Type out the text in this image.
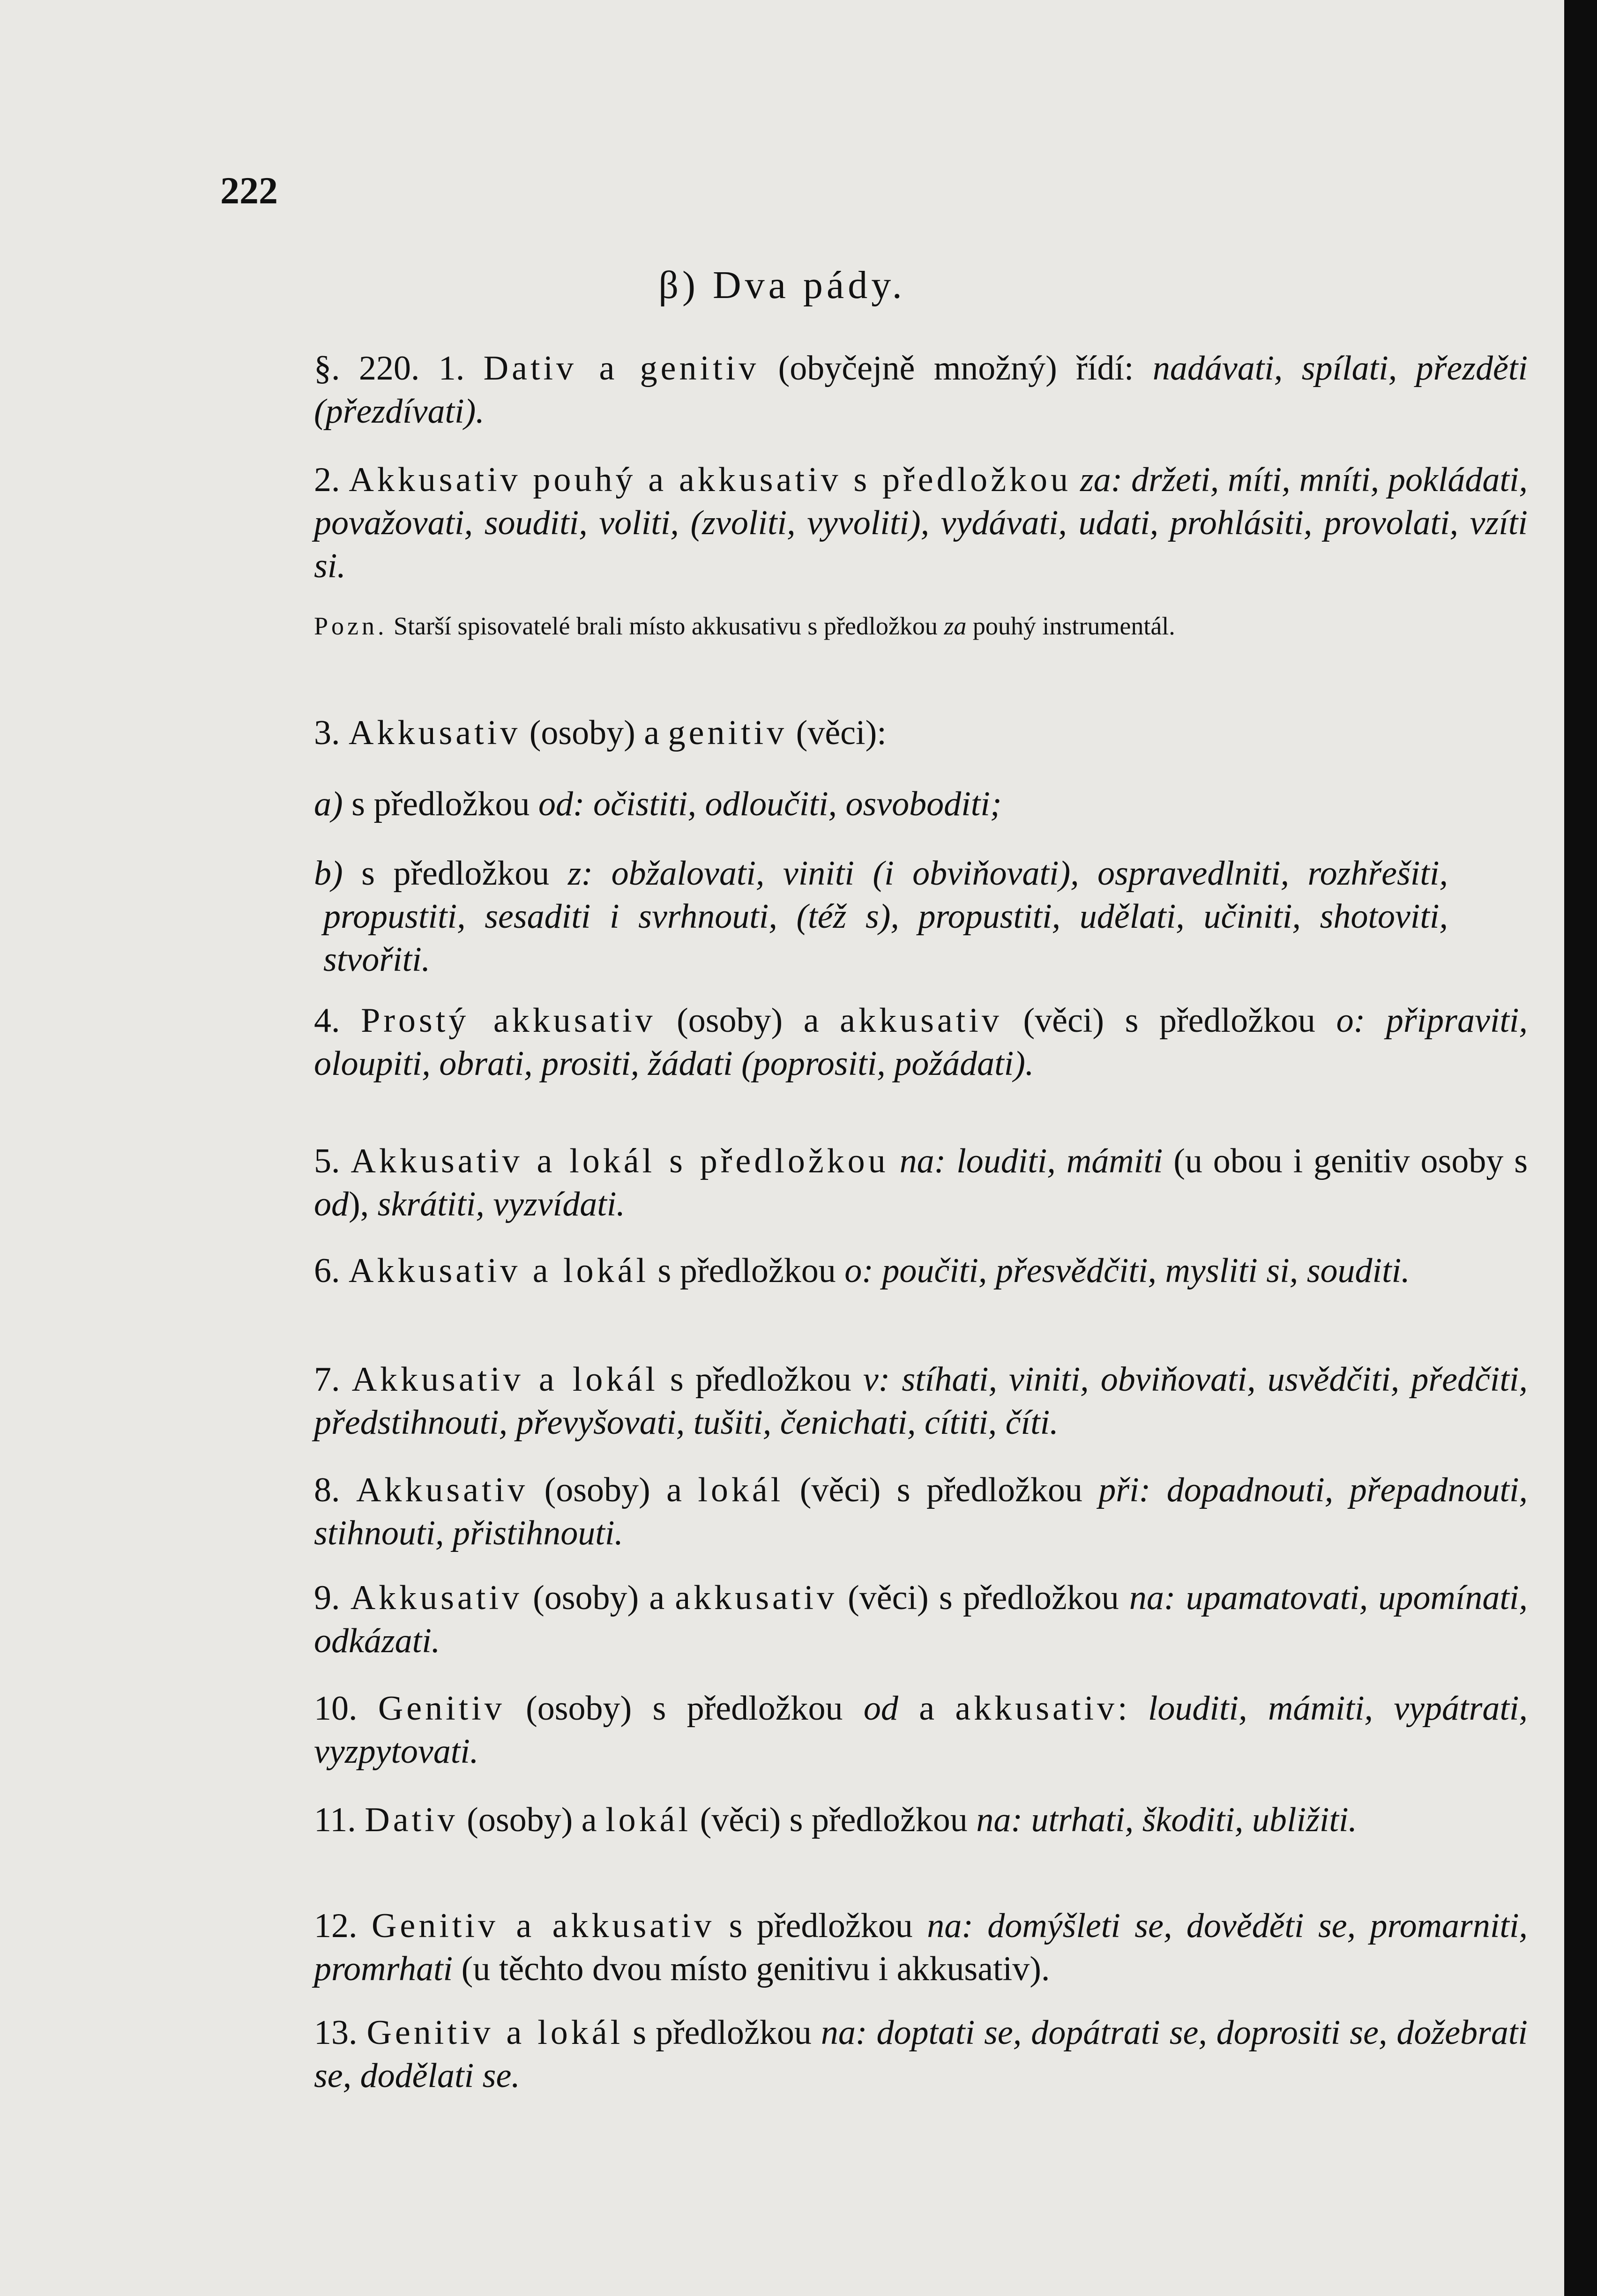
222
β) Dva pády.
§. 220. 1. Dativ a genitiv (obyčejně množný) řídí: nadávati, spílati, přezděti (přezdívati).
2. Akkusativ pouhý a akkusativ s předložkou za: držeti, míti, mníti, pokládati, považovati, souditi, voliti, (zvoliti, vyvoliti), vydávati, udati, prohlásiti, provolati, vzíti si.
Pozn. Starší spisovatelé brali místo akkusativu s předložkou za pouhý instrumentál.
3. Akkusativ (osoby) a genitiv (věci):
a) s předložkou od: očistiti, odloučiti, osvoboditi;
b) s předložkou z: obžalovati, viniti (i obviňovati), ospravedlniti, rozhřešiti, propustiti, sesaditi i svrhnouti, (též s), propustiti, udělati, učiniti, shotoviti, stvořiti.
4. Prostý akkusativ (osoby) a akkusativ (věci) s předložkou o: připraviti, oloupiti, obrati, prositi, žádati (poprositi, požádati).
5. Akkusativ a lokál s předložkou na: louditi, mámiti (u obou i genitiv osoby s od), skrátiti, vyzvídati.
6. Akkusativ a lokál s předložkou o: poučiti, přesvědčiti, mysliti si, souditi.
7. Akkusativ a lokál s předložkou v: stíhati, viniti, obviňovati, usvědčiti, předčiti, předstihnouti, převyšovati, tušiti, čenichati, cítiti, číti.
8. Akkusativ (osoby) a lokál (věci) s předložkou při: dopadnouti, přepadnouti, stihnouti, přistihnouti.
9. Akkusativ (osoby) a akkusativ (věci) s předložkou na: upamatovati, upomínati, odkázati.
10. Genitiv (osoby) s předložkou od a akkusativ: louditi, mámiti, vypátrati, vyzpytovati.
11. Dativ (osoby) a lokál (věci) s předložkou na: utrhati, škoditi, ubližiti.
12. Genitiv a akkusativ s předložkou na: domýšleti se, dověděti se, promarniti, promrhati (u těchto dvou místo genitivu i akkusativ).
13. Genitiv a lokál s předložkou na: doptati se, dopátrati se, doprositi se, dožebrati se, dodělati se.
